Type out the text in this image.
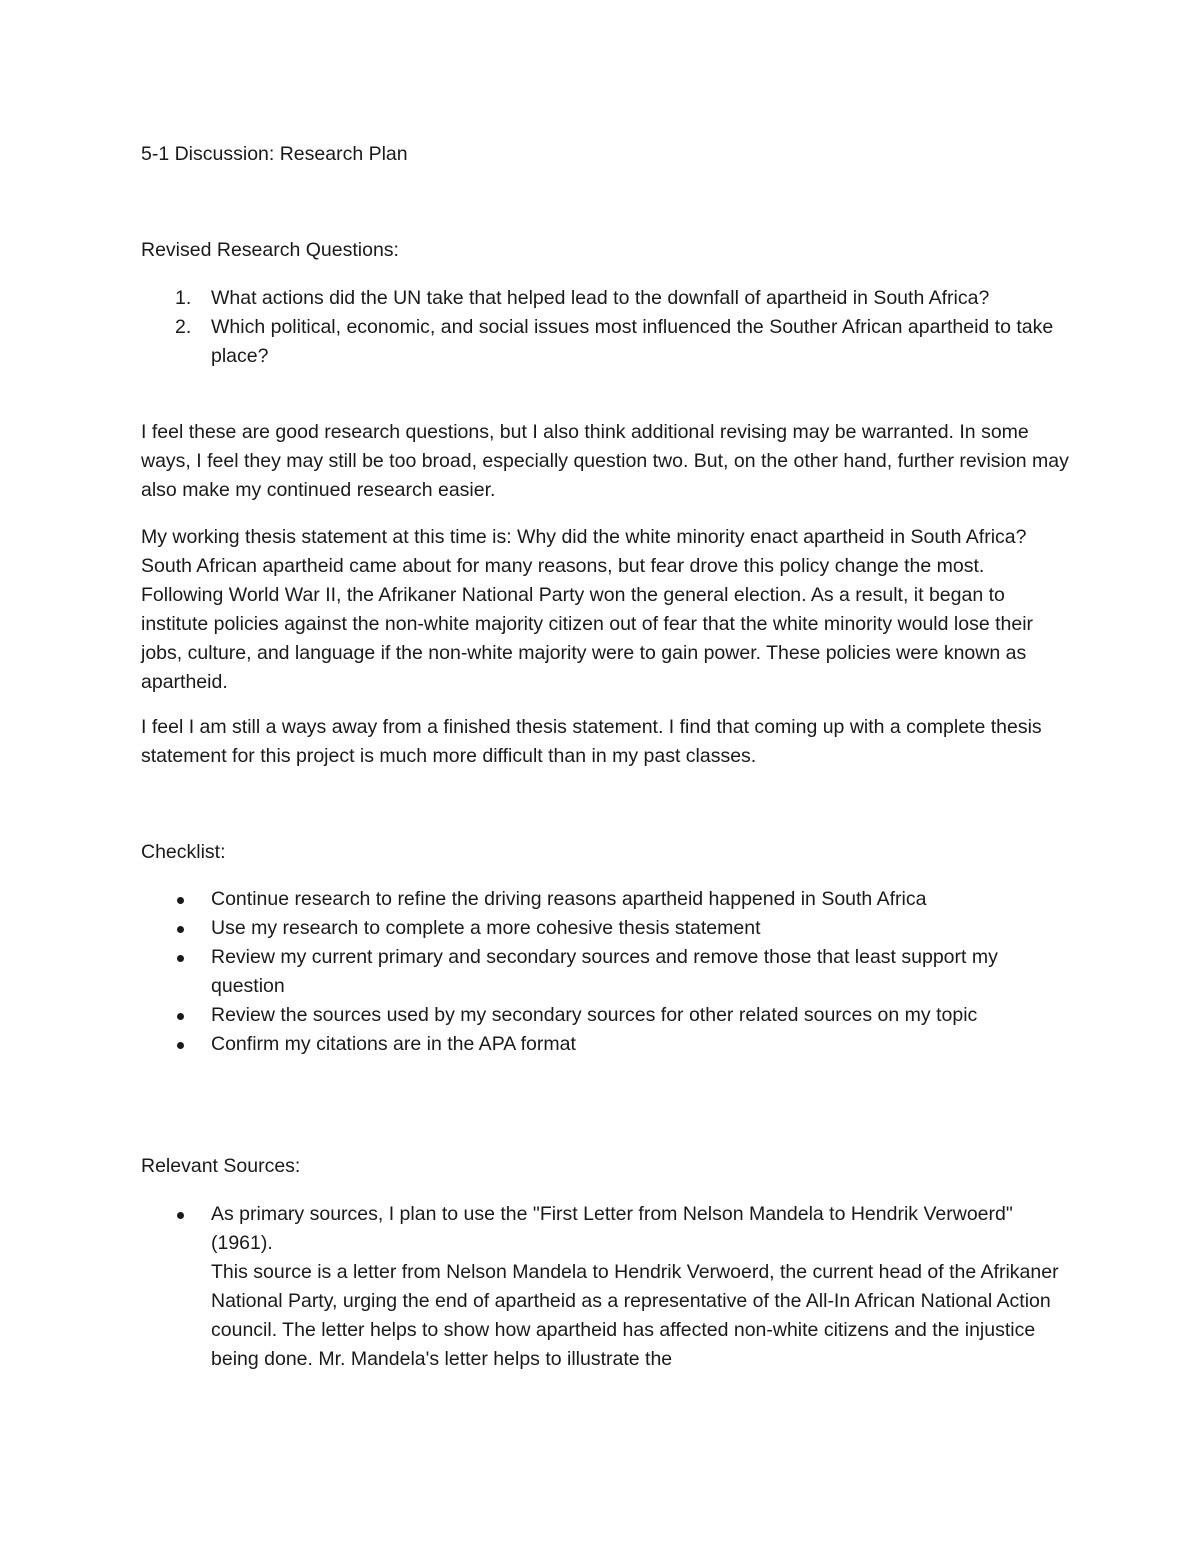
5-1 Discussion: Research Plan
Revised Research Questions:
1. What actions did the UN take that helped lead to the downfall of apartheid in South Africa?
2. Which political, economic, and social issues most influenced the Souther African apartheid to take place?

I feel these are good research questions, but I also think additional revising may be warranted. In some ways, I feel they may still be too broad, especially question two. But, on the other hand, further revision may also make my continued research easier.

My working thesis statement at this time is: Why did the white minority enact apartheid in South Africa? South African apartheid came about for many reasons, but fear drove this policy change the most. Following World War II, the Afrikaner National Party won the general election. As a result, it began to institute policies against the non-white majority citizen out of fear that the white minority would lose their jobs, culture, and language if the non-white majority were to gain power. These policies were known as apartheid.

I feel I am still a ways away from a finished thesis statement. I find that coming up with a complete thesis statement for this project is much more difficult than in my past classes.

Checklist:
Continue research to refine the driving reasons apartheid happened in South Africa
Use my research to complete a more cohesive thesis statement
Review my current primary and secondary sources and remove those that least support my question
Review the sources used by my secondary sources for other related sources on my topic
Confirm my citations are in the APA format
Relevant Sources:
As primary sources, I plan to use the "First Letter from Nelson Mandela to Hendrik Verwoerd" (1961).
This source is a letter from Nelson Mandela to Hendrik Verwoerd, the current head of the Afrikaner National Party, urging the end of apartheid as a representative of the All-In African National Action council. The letter helps to show how apartheid has affected non-white citizens and the injustice being done. Mr. Mandela's letter helps to illustrate the
